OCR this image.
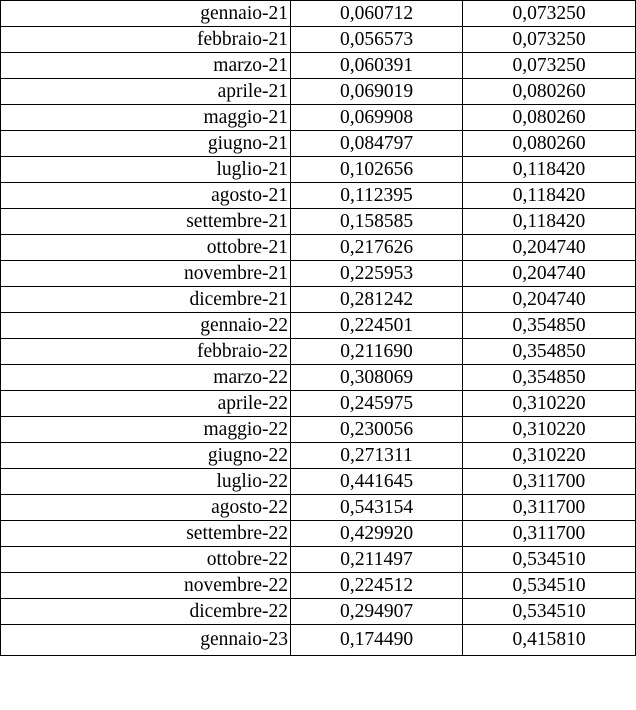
gennaio-21	0,060712	0,073250
febbraio-21	0,056573	0,073250
marzo-21	0,060391	0,073250
aprile-21	0,069019	0,080260
maggio-21	0,069908	0,080260
giugno-21	0,084797	0,080260
luglio-21	0,102656	0,118420
agosto-21	0,112395	0,118420
settembre-21	0,158585	0,118420
ottobre-21	0,217626	0,204740
novembre-21	0,225953	0,204740
dicembre-21	0,281242	0,204740
gennaio-22	0,224501	0,354850
febbraio-22	0,211690	0,354850
marzo-22	0,308069	0,354850
aprile-22	0,245975	0,310220
maggio-22	0,230056	0,310220
giugno-22	0,271311	0,310220
luglio-22	0,441645	0,311700
agosto-22	0,543154	0,311700
settembre-22	0,429920	0,311700
ottobre-22	0,211497	0,534510
novembre-22	0,224512	0,534510
dicembre-22	0,294907	0,534510
gennaio-23	0,174490	0,415810
